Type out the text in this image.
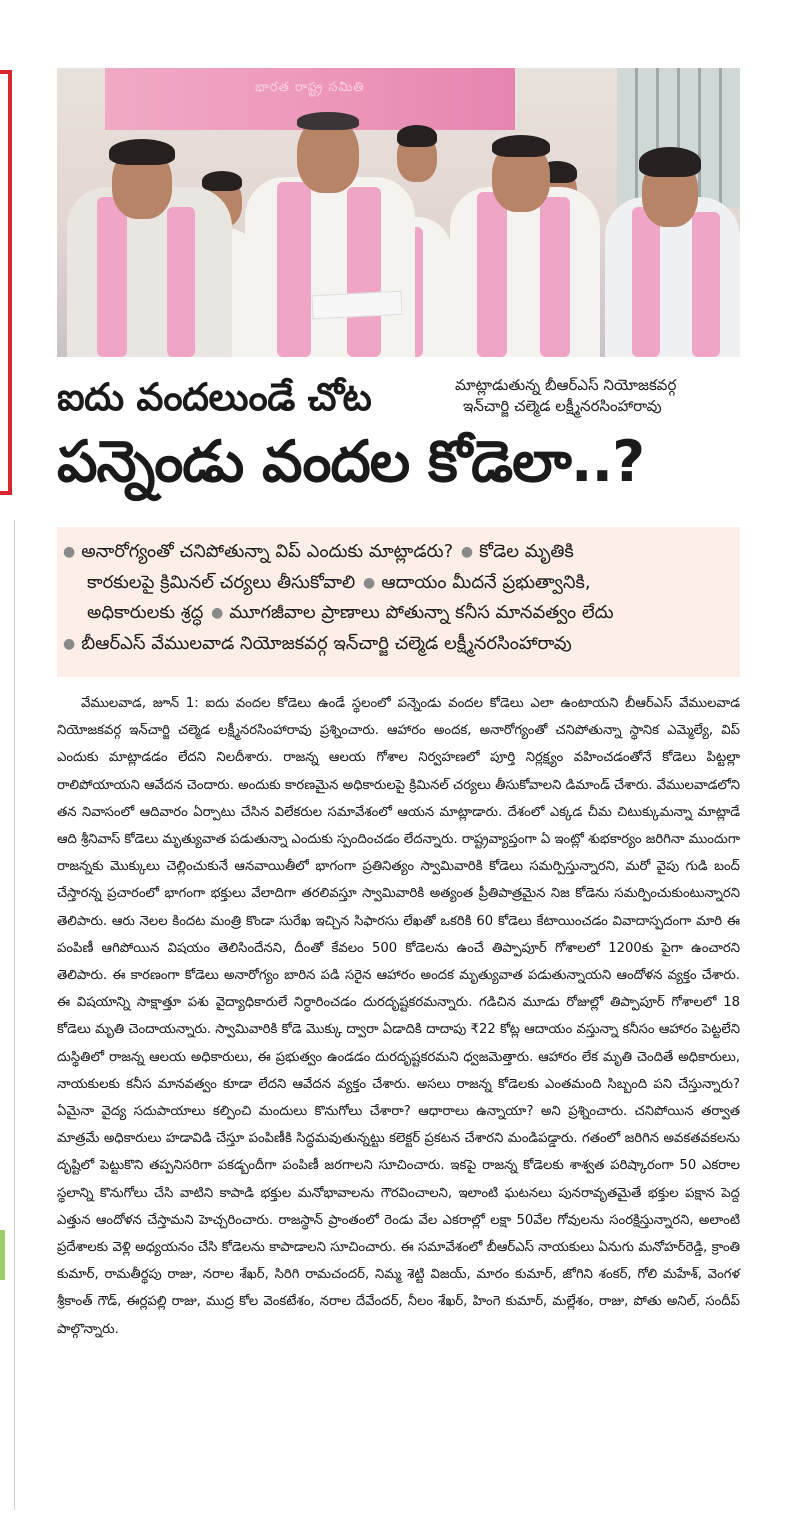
భారత రాష్ట్ర సమితి
ఐదు వందలుండే చోట	మాట్లాడుతున్న బీఆర్ఎస్ నియోజకవర్గ
ఇన్‌చార్జి చల్మెడ లక్ష్మీనరసింహారావు
పన్నెండు వందల కోడెలా..?
● అనారోగ్యంతో చనిపోతున్నా విప్ ఎందుకు మాట్లాడరు? ● కోడెల మృతికి
కారకులపై క్రిమినల్ చర్యలు తీసుకోవాలి ● ఆదాయం మీదనే ప్రభుత్వానికి,
అధికారులకు శ్రద్ధ ● మూగజీవాల ప్రాణాలు పోతున్నా కనీస మానవత్వం లేదు
● బీఆర్ఎస్ వేములవాడ నియోజకవర్గ ఇన్‌చార్జి చల్మెడ లక్ష్మీనరసింహారావు

వేములవాడ, జూన్ 1: ఐదు వందల కోడెలు ఉండే స్థలంలో పన్నెండు వందల కోడెలు ఎలా ఉంటాయని బీఆర్ఎస్ వేములవాడ నియోజకవర్గ ఇన్‌చార్జి చల్మెడ లక్ష్మీనరసింహారావు ప్రశ్నించారు. ఆహారం అందక, అనారోగ్యంతో చనిపోతున్నా స్థానిక ఎమ్మెల్యే, విప్ ఎందుకు మాట్లాడడం లేదని నిలదీశారు. రాజన్న ఆలయ గోశాల నిర్వహణలో పూర్తి నిర్లక్ష్యం వహించడంతోనే కోడెలు పిట్టల్లా రాలిపోయాయని ఆవేదన చెందారు. అందుకు కారణమైన అధికారులపై క్రిమినల్ చర్యలు తీసుకోవాలని డిమాండ్ చేశారు. వేములవాడలోని తన నివాసంలో ఆదివారం ఏర్పాటు చేసిన విలేకరుల సమావేశంలో ఆయన మాట్లాడారు. దేశంలో ఎక్కడ చీమ చిటుక్కుమన్నా మాట్లాడే ఆది శ్రీనివాస్ కోడెలు మృత్యువాత పడుతున్నా ఎందుకు స్పందించడం లేదన్నారు. రాష్ట్రవ్యాప్తంగా ఏ ఇంట్లో శుభకార్యం జరిగినా ముందుగా రాజన్నకు మొక్కులు చెల్లించుకునే ఆనవాయితీలో భాగంగా ప్రతినిత్యం స్వామివారికి కోడెలు సమర్పిస్తున్నారని, మరో వైపు గుడి బంద్ చేస్తారన్న ప్రచారంలో భాగంగా భక్తులు వేలాదిగా తరలివస్తూ స్వామివారికి అత్యంత ప్రీతిపాత్రమైన నిజ కోడెను సమర్పించుకుంటున్నారని తెలిపారు. ఆరు నెలల కిందట మంత్రి కొండా సురేఖ ఇచ్చిన సిఫారసు లేఖతో ఒకరికి 60 కోడెలు కేటాయించడం వివాదాస్పదంగా మారి ఈ పంపిణీ ఆగిపోయిన విషయం తెలిసిందేనని, దీంతో కేవలం 500 కోడెలను ఉంచే తిప్పాపూర్ గోశాలలో 1200కు పైగా ఉంచారని తెలిపారు. ఈ కారణంగా కోడెలు అనారోగ్యం బారిన పడి సరైన ఆహారం అందక మృత్యువాత పడుతున్నాయని ఆందోళన వ్యక్తం చేశారు. ఈ విషయాన్ని సాక్షాత్తూ పశు వైద్యాధికారులే నిర్ధారించడం దురదృష్టకరమన్నారు. గడిచిన మూడు రోజుల్లో తిప్పాపూర్ గోశాలలో 18 కోడెలు మృతి చెందాయన్నారు. స్వామివారికి కోడె మొక్కు ద్వారా ఏడాదికి దాదాపు ₹22 కోట్ల ఆదాయం వస్తున్నా కనీసం ఆహారం పెట్టలేని దుస్థితిలో రాజన్న ఆలయ అధికారులు, ఈ ప్రభుత్వం ఉండడం దురదృష్టకరమని ధ్వజమెత్తారు. ఆహారం లేక మృతి చెందితే అధికారులు, నాయకులకు కనీస మానవత్వం కూడా లేదని ఆవేదన వ్యక్తం చేశారు. అసలు రాజన్న కోడెలకు ఎంతమంది సిబ్బంది పని చేస్తున్నారు? ఏమైనా వైద్య సదుపాయాలు కల్పించి మందులు కొనుగోలు చేశారా? ఆధారాలు ఉన్నాయా? అని ప్రశ్నించారు. చనిపోయిన తర్వాత మాత్రమే అధికారులు హడావిడి చేస్తూ పంపిణీకి సిద్ధమవుతున్నట్టు కలెక్టర్ ప్రకటన చేశారని మండిపడ్డారు. గతంలో జరిగిన అవకతవకలను దృష్టిలో పెట్టుకొని తప్పనిసరిగా పకడ్బందీగా పంపిణీ జరగాలని సూచించారు. ఇకపై రాజన్న కోడెలకు శాశ్వత పరిష్కారంగా 50 ఎకరాల స్థలాన్ని కొనుగోలు చేసి వాటిని కాపాడి భక్తుల మనోభావాలను గౌరవించాలని, ఇలాంటి ఘటనలు పునరావృతమైతే భక్తుల పక్షాన పెద్ద ఎత్తున ఆందోళన చేస్తామని హెచ్చరించారు. రాజస్థాన్ ప్రాంతంలో రెండు వేల ఎకరాల్లో లక్షా 50వేల గోవులను సంరక్షిస్తున్నారని, అలాంటి ప్రదేశాలకు వెళ్లి అధ్యయనం చేసి కోడెలను కాపాడాలని సూచించారు. ఈ సమావేశంలో బీఆర్ఎస్ నాయకులు ఏనుగు మనోహర్‌రెడ్డి, క్రాంతి కుమార్, రామతీర్థపు రాజు, నరాల శేఖర్, సిరిగి రామచందర్, నిమ్మ శెట్టి విజయ్, మారం కుమార్, జోగిని శంకర్, గోలి మహేశ్, వెంగళ శ్రీకాంత్ గౌడ్, ఈర్లపల్లి రాజు, ముద్ర కోల వెంకటేశం, నరాల దేవేందర్, నీలం శేఖర్, హింగె కుమార్, మల్లేశం, రాజు, పోతు అనిల్, సందీప్ పాల్గొన్నారు.
